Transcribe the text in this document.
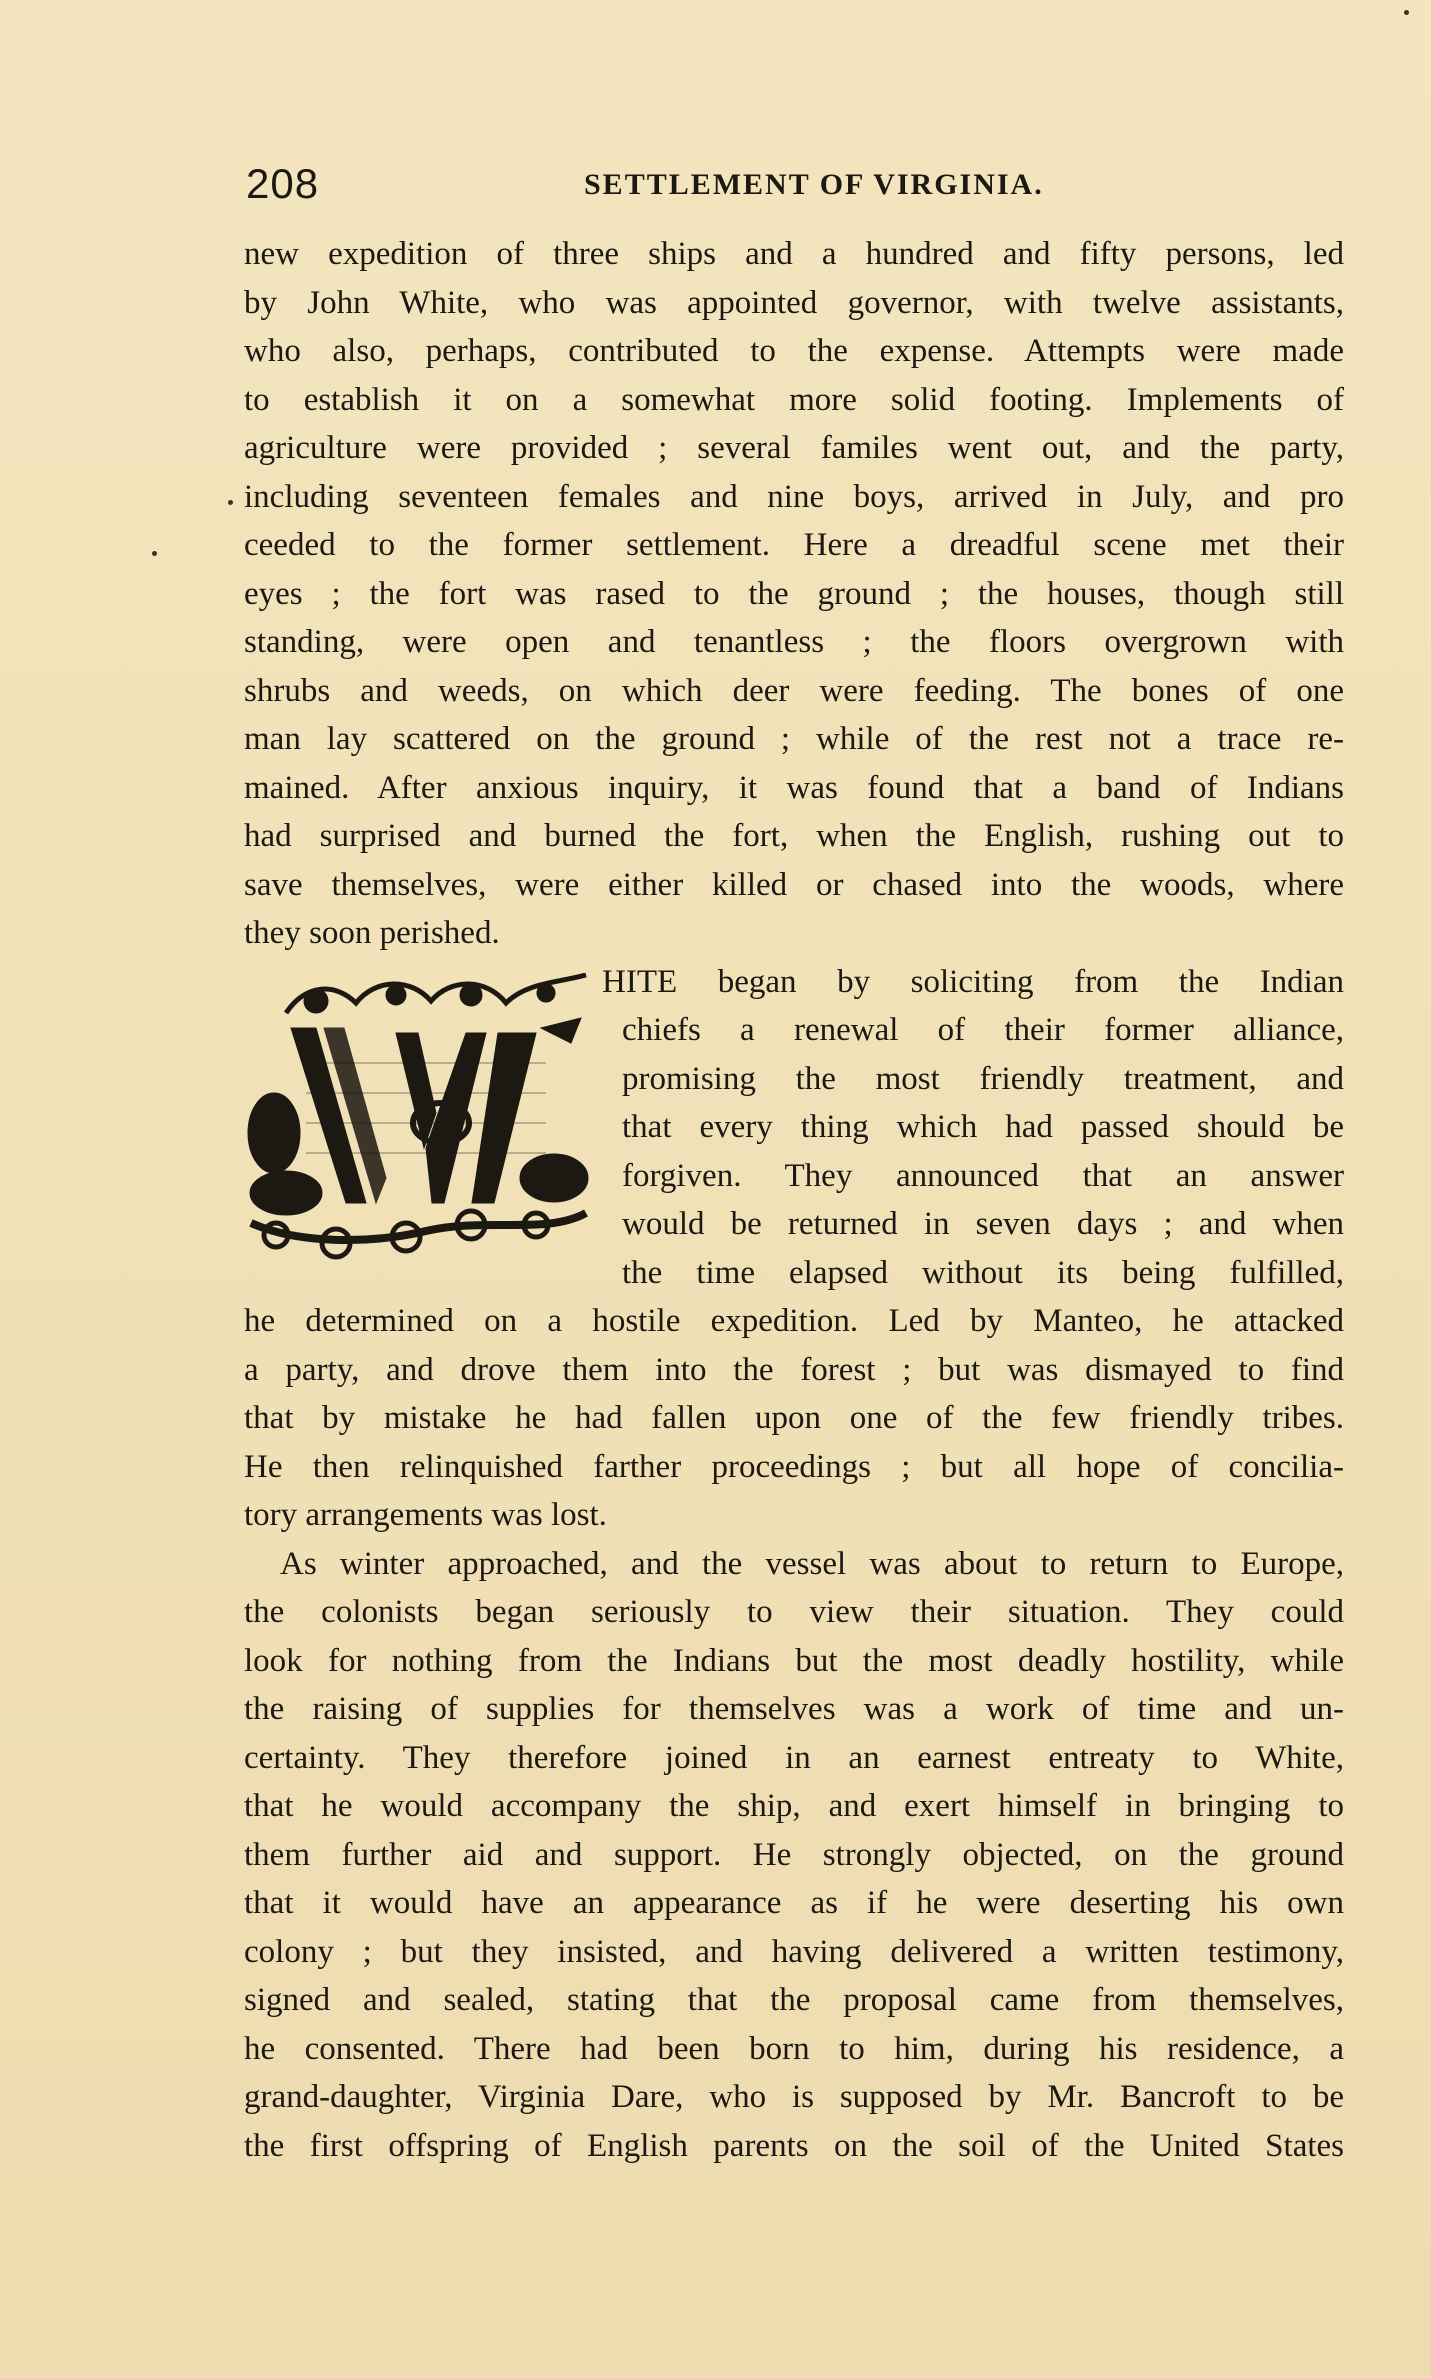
208	SETTLEMENT OF VIRGINIA.
new expedition of three ships and a hundred and fifty persons, led
by John White, who was appointed governor, with twelve assistants,
who also, perhaps, contributed to the expense. Attempts were made
to establish it on a somewhat more solid footing. Implements of
agriculture were provided ; several familes went out, and the party,
including seventeen females and nine boys, arrived in July, and pro
ceeded to the former settlement. Here a dreadful scene met their
eyes ; the fort was rased to the ground ; the houses, though still
standing, were open and tenantless ; the floors overgrown with
shrubs and weeds, on which deer were feeding. The bones of one
man lay scattered on the ground ; while of the rest not a trace re-
mained. After anxious inquiry, it was found that a band of Indians
had surprised and burned the fort, when the English, rushing out to
save themselves, were either killed or chased into the woods, where
they soon perished.
HITE began by soliciting from the Indian
chiefs a renewal of their former alliance,
promising the most friendly treatment, and
that every thing which had passed should be
forgiven. They announced that an answer
would be returned in seven days ; and when
the time elapsed without its being fulfilled,
he determined on a hostile expedition. Led by Manteo, he attacked
a party, and drove them into the forest ; but was dismayed to find
that by mistake he had fallen upon one of the few friendly tribes.
He then relinquished farther proceedings ; but all hope of concilia-
tory arrangements was lost.
As winter approached, and the vessel was about to return to Europe,
the colonists began seriously to view their situation. They could
look for nothing from the Indians but the most deadly hostility, while
the raising of supplies for themselves was a work of time and un-
certainty. They therefore joined in an earnest entreaty to White,
that he would accompany the ship, and exert himself in bringing to
them further aid and support. He strongly objected, on the ground
that it would have an appearance as if he were deserting his own
colony ; but they insisted, and having delivered a written testimony,
signed and sealed, stating that the proposal came from themselves,
he consented. There had been born to him, during his residence, a
grand-daughter, Virginia Dare, who is supposed by Mr. Bancroft to be
the first offspring of English parents on the soil of the United States
